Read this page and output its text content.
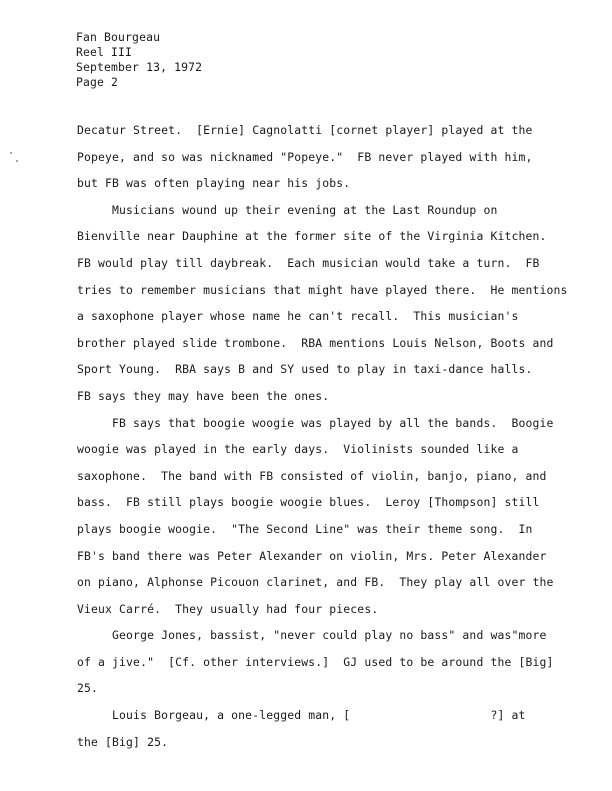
Fan Bourgeau
Reel III
September 13, 1972
Page 2
Decatur Street.  [Ernie] Cagnolatti [cornet player] played at the
Popeye, and so was nicknamed "Popeye."  FB never played with him,
but FB was often playing near his jobs.
Musicians wound up their evening at the Last Roundup on
Bienville near Dauphine at the former site of the Virginia Kitchen.
FB would play till daybreak.  Each musician would take a turn.  FB
tries to remember musicians that might have played there.  He mentions
a saxophone player whose name he can't recall.  This musician's
brother played slide trombone.  RBA mentions Louis Nelson, Boots and
Sport Young.  RBA says B and SY used to play in taxi-dance halls.
FB says they may have been the ones.
FB says that boogie woogie was played by all the bands.  Boogie
woogie was played in the early days.  Violinists sounded like a
saxophone.  The band with FB consisted of violin, banjo, piano, and
bass.  FB still plays boogie woogie blues.  Leroy [Thompson] still
plays boogie woogie.  "The Second Line" was their theme song.  In
FB's band there was Peter Alexander on violin, Mrs. Peter Alexander
on piano, Alphonse Picouon clarinet, and FB.  They play all over the
Vieux Carré.  They usually had four pieces.
George Jones, bassist, "never could play no bass" and was"more
of a jive."  [Cf. other interviews.]  GJ used to be around the [Big]
25.
Louis Borgeau, a one-legged man, [                    ?] at
the [Big] 25.
